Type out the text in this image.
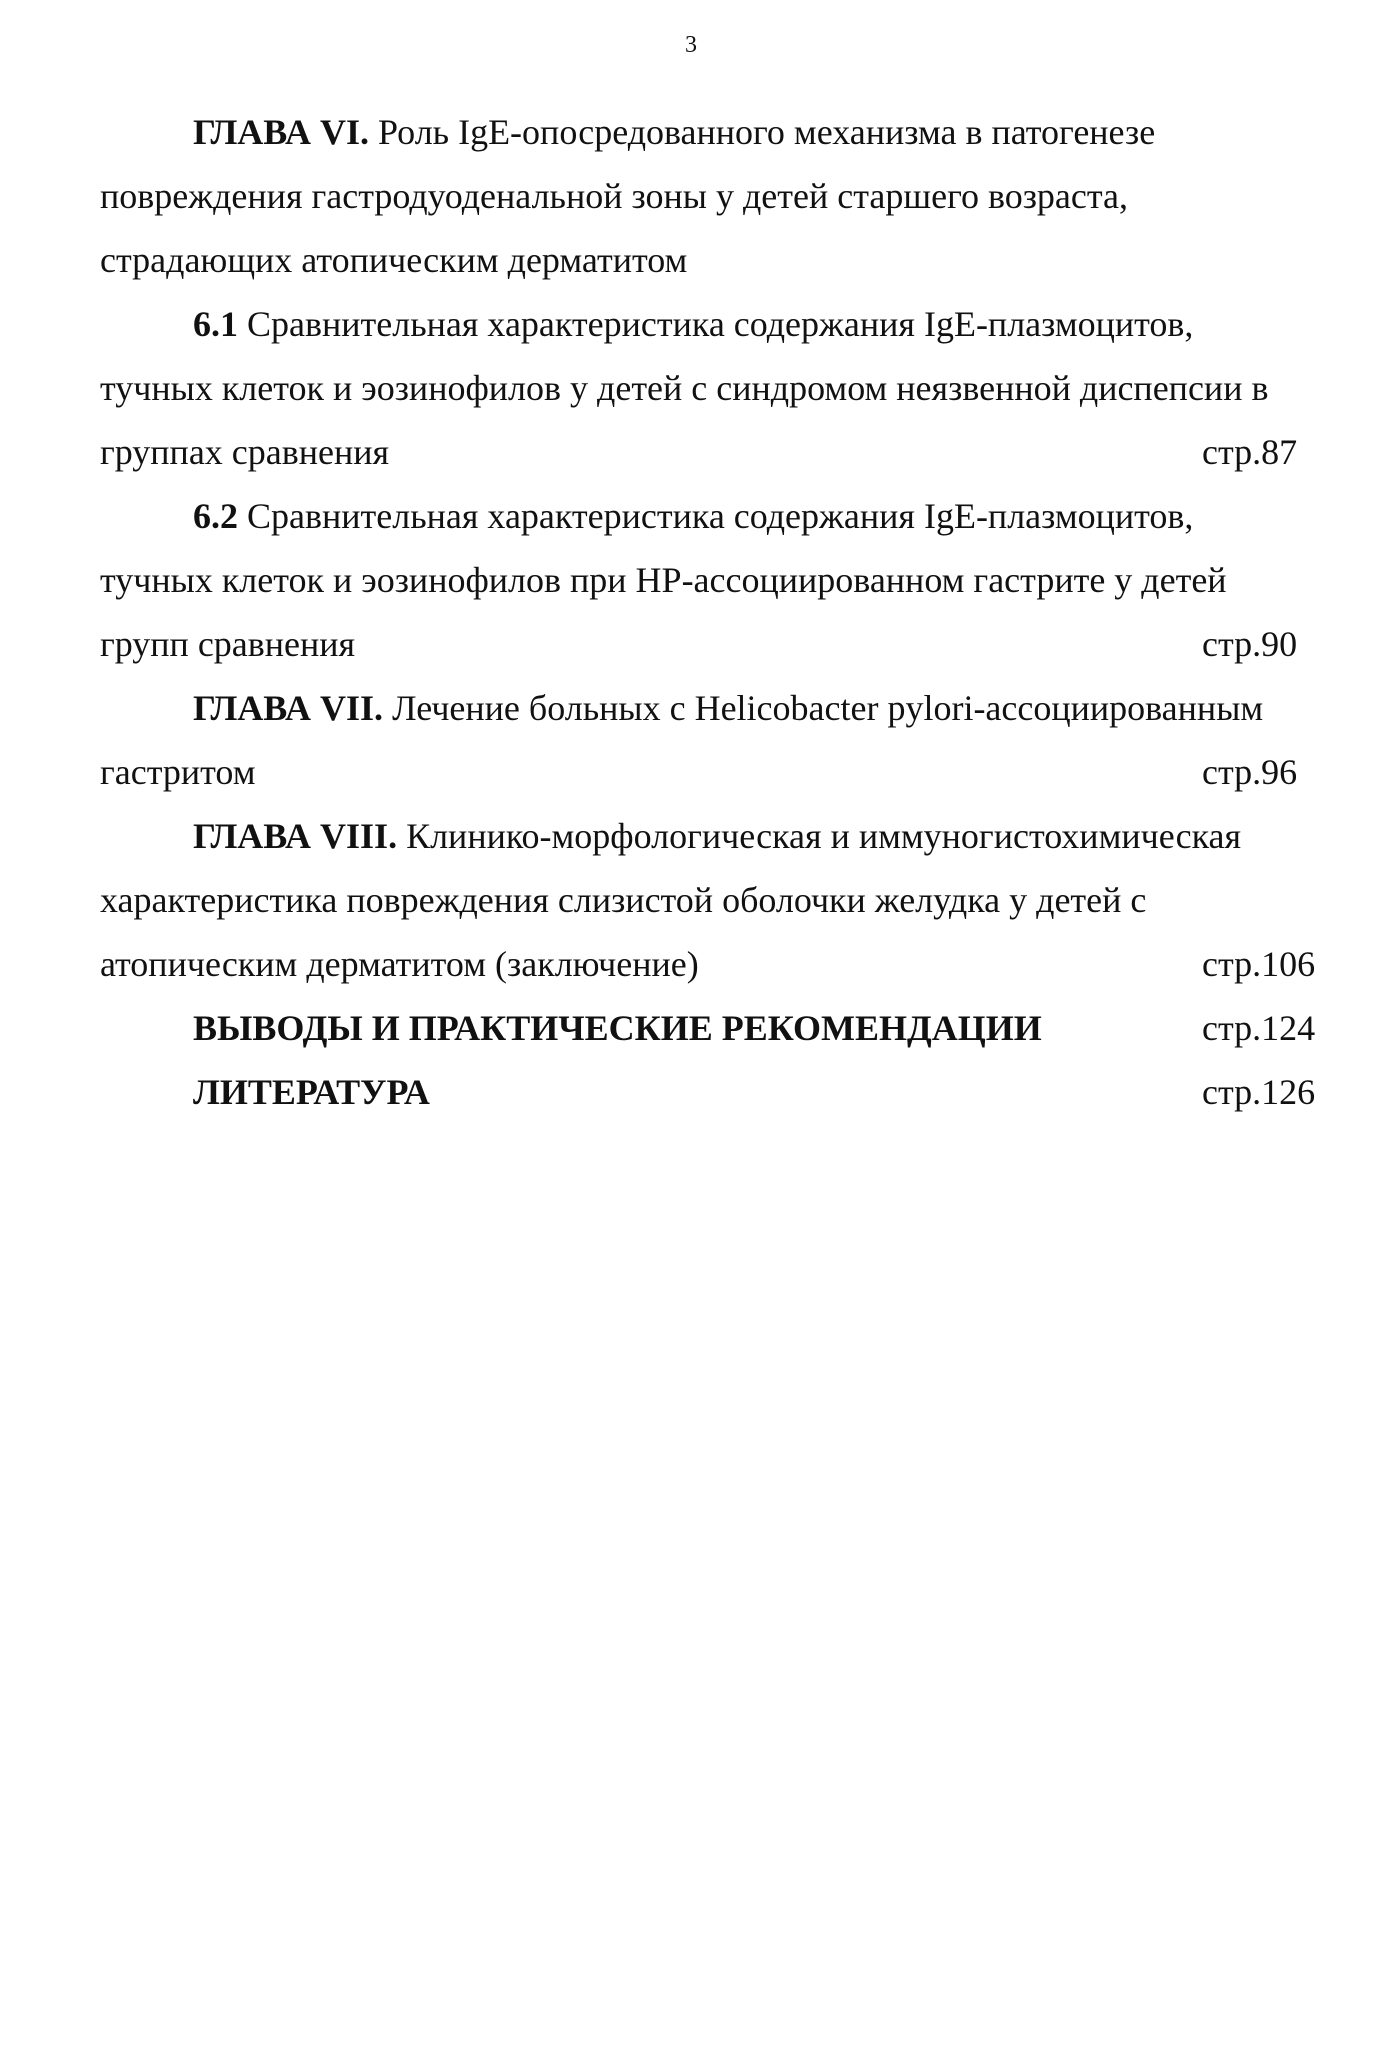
3
ГЛАВА VI. Роль IgE-опосредованного механизма в патогенезе
повреждения гастродуоденальной зоны у детей старшего возраста,
страдающих атопическим дерматитом
6.1 Сравнительная характеристика содержания IgE-плазмоцитов,
тучных клеток и эозинофилов у детей с синдромом неязвенной диспепсии в
группах сравнения	стр.87
6.2 Сравнительная характеристика содержания IgE-плазмоцитов,
тучных клеток и эозинофилов при HP-ассоциированном гастрите у детей
групп сравнения	стр.90
ГЛАВА VII. Лечение больных с Helicobacter pylori-ассоциированным
гастритом	стр.96
ГЛАВА VIII. Клинико-морфологическая и иммуногистохимическая
характеристика повреждения слизистой оболочки желудка у детей с
атопическим дерматитом (заключение)	стр.106
ВЫВОДЫ И ПРАКТИЧЕСКИЕ РЕКОМЕНДАЦИИ	стр.124
ЛИТЕРАТУРА	стр.126
